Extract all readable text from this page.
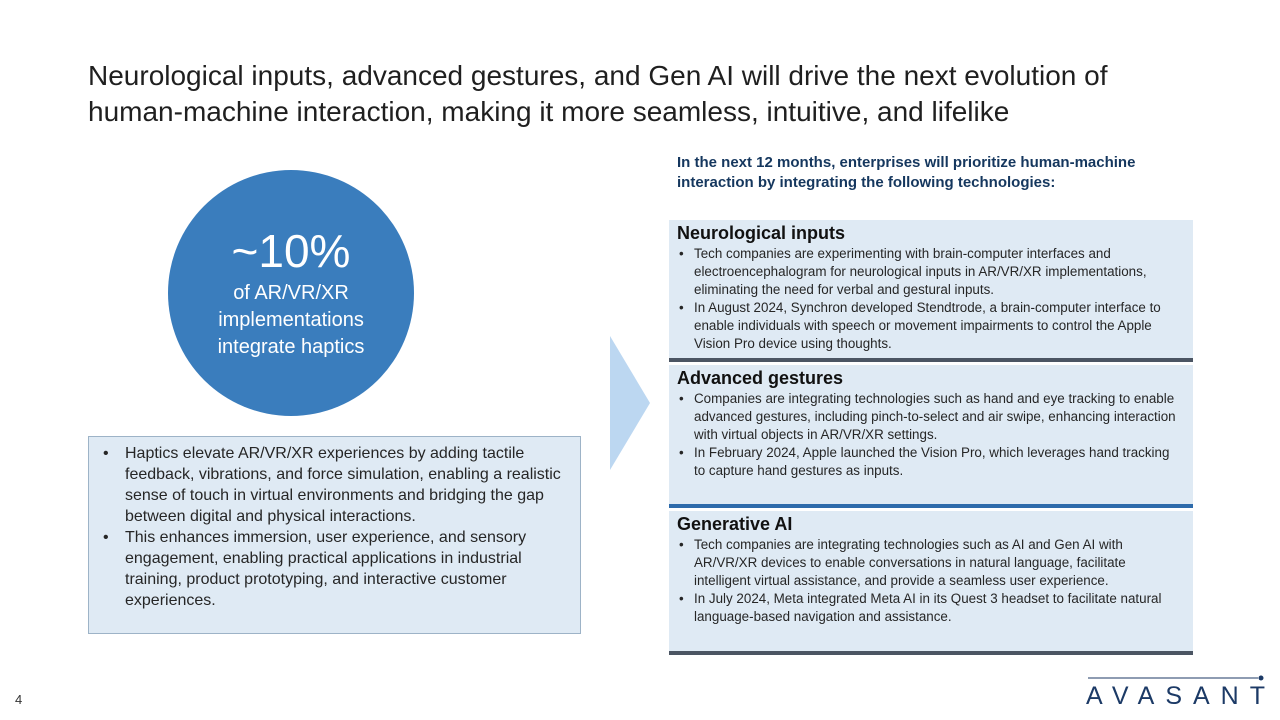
Neurological inputs, advanced gestures, and Gen AI will drive the next evolution of human-machine interaction, making it more seamless, intuitive, and lifelike
~10%
of AR/VR/XR implementations integrate haptics
• Haptics elevate AR/VR/XR experiences by adding tactile feedback, vibrations, and force simulation, enabling a realistic sense of touch in virtual environments and bridging the gap between digital and physical interactions.
• This enhances immersion, user experience, and sensory engagement, enabling practical applications in industrial training, product prototyping, and interactive customer experiences.

In the next 12 months, enterprises will prioritize human-machine interaction by integrating the following technologies:

Neurological inputs
• Tech companies are experimenting with brain-computer interfaces and electroencephalogram for neurological inputs in AR/VR/XR implementations, eliminating the need for verbal and gestural inputs.
• In August 2024, Synchron developed Stendtrode, a brain-computer interface to enable individuals with speech or movement impairments to control the Apple Vision Pro device using thoughts.
Advanced gestures
• Companies are integrating technologies such as hand and eye tracking to enable advanced gestures, including pinch-to-select and air swipe, enhancing interaction with virtual objects in AR/VR/XR settings.
• In February 2024, Apple launched the Vision Pro, which leverages hand tracking to capture hand gestures as inputs.
Generative AI
• Tech companies are integrating technologies such as AI and Gen AI with AR/VR/XR devices to enable conversations in natural language, facilitate intelligent virtual assistance, and provide a seamless user experience.
• In July 2024, Meta integrated Meta AI in its Quest 3 headset to facilitate natural language-based navigation and assistance.
4	AVASANT
